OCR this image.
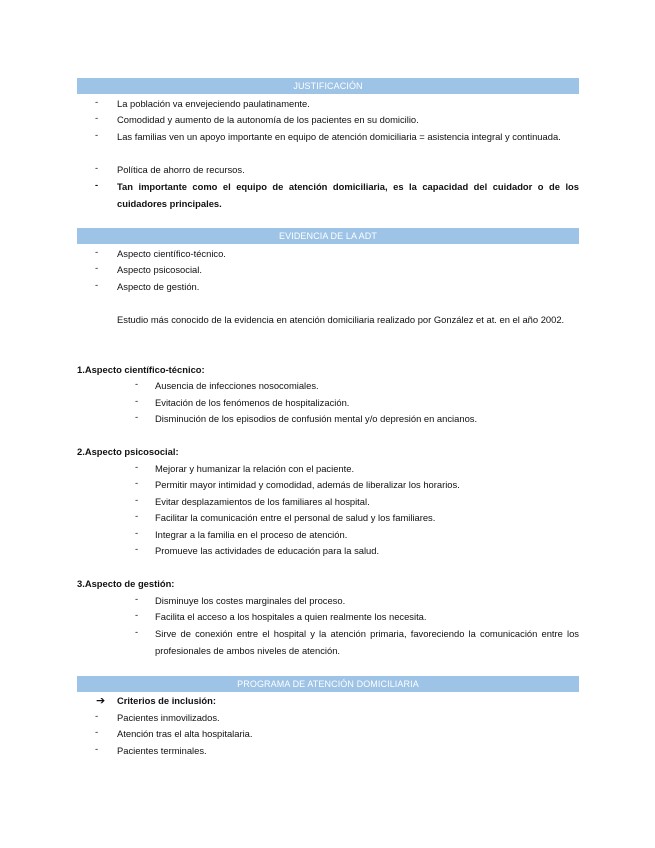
JUSTIFICACIÓN
-	La población va envejeciendo paulatinamente.
-	Comodidad y aumento de la autonomía de los pacientes en su domicilio.
-	Las familias ven un apoyo importante en equipo de atención domiciliaria = asistencia integral y continuada.
-	Política de ahorro de recursos.
-	Tan importante como el equipo de atención domiciliaria, es la capacidad del cuidador o de los cuidadores principales.
EVIDENCIA DE LA ADT
-	Aspecto científico-técnico.
-	Aspecto psicosocial.
-	Aspecto de gestión.
Estudio más conocido de la evidencia en atención domiciliaria realizado por González et at. en el año 2002.
1.Aspecto científico-técnico:
-	Ausencia de infecciones nosocomiales.
-	Evitación de los fenómenos de hospitalización.
-	Disminución de los episodios de confusión mental y/o depresión en ancianos.
2.Aspecto psicosocial:
-	Mejorar y humanizar la relación con el paciente.
-	Permitir mayor intimidad y comodidad, además de liberalizar los horarios.
-	Evitar desplazamientos de los familiares al hospital.
-	Facilitar la comunicación entre el personal de salud y los familiares.
-	Integrar a la familia en el proceso de atención.
-	Promueve las actividades de educación para la salud.
3.Aspecto de gestión:
-	Disminuye los costes marginales del proceso.
-	Facilita el acceso a los hospitales a quien realmente los necesita.
-	Sirve de conexión entre el hospital y la atención primaria, favoreciendo la comunicación entre los profesionales de ambos niveles de atención.
PROGRAMA DE ATENCIÓN DOMICILIARIA
➔ Criterios de inclusión:
-	Pacientes inmovilizados.
-	Atención tras el alta hospitalaria.
-	Pacientes terminales.
